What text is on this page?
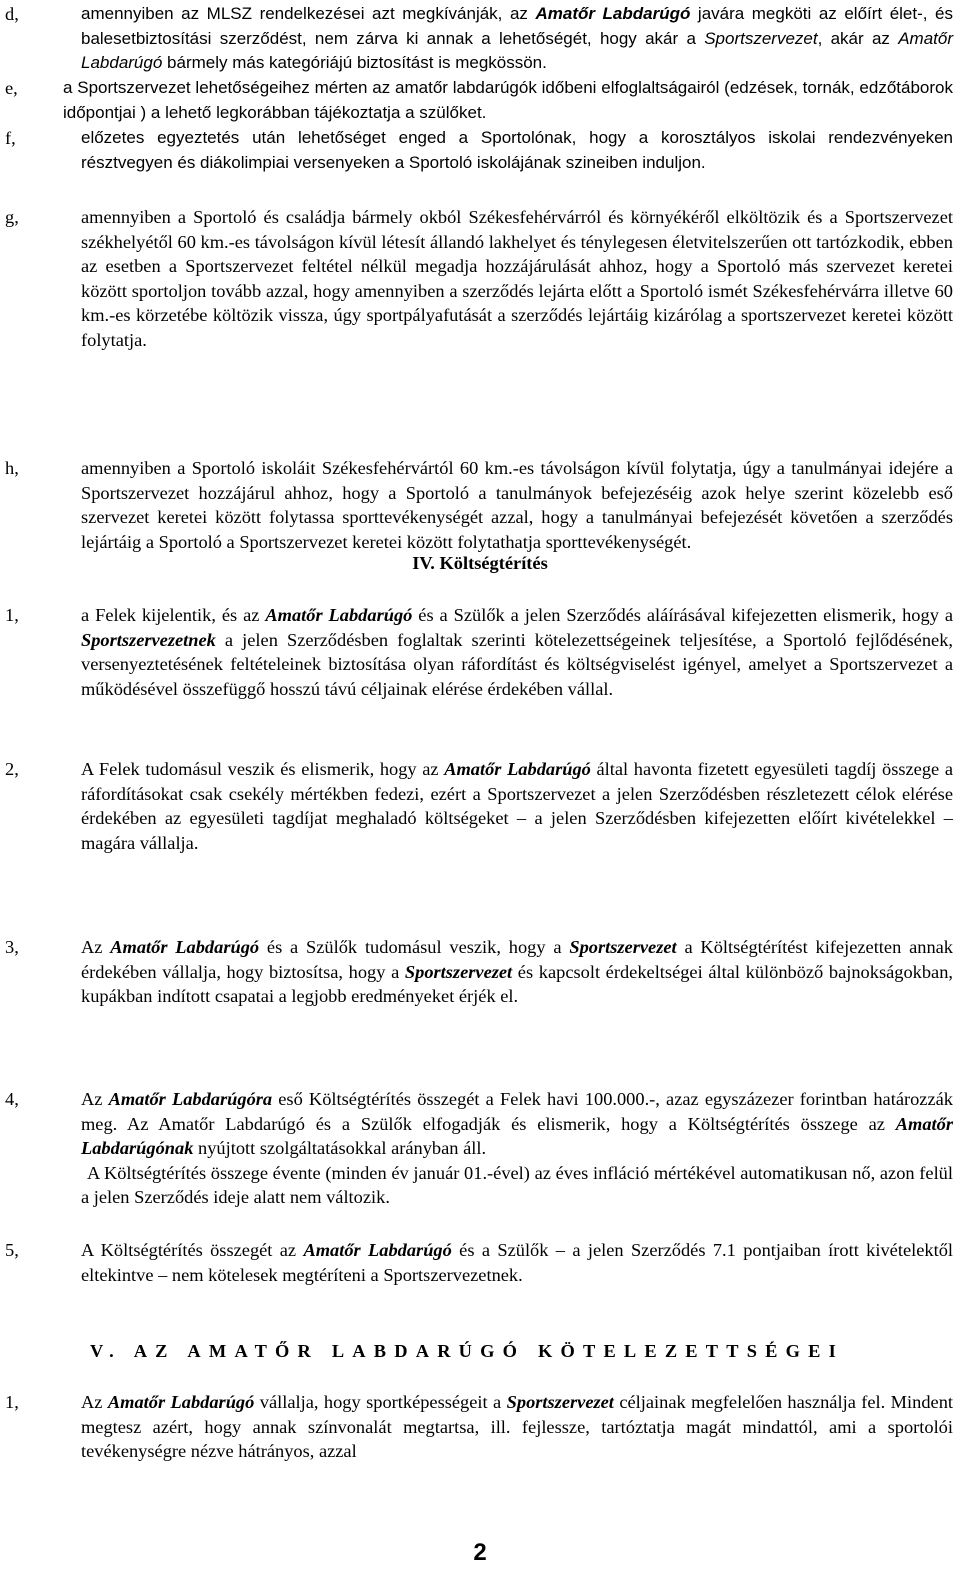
d,	amennyiben az MLSZ rendelkezései azt megkívánják, az Amatőr Labdarúgó javára megköti az előírt élet-, és balesetbiztosítási szerződést, nem zárva ki annak a lehetőségét, hogy akár a Sportszervezet, akár az Amatőr Labdarúgó bármely más kategóriájú biztosítást is megkössön.
e,	a Sportszervezet lehetőségeihez mérten az amatőr labdarúgók időbeni elfoglaltságairól (edzések, tornák, edzőtáborok időpontjai ) a lehető legkorábban tájékoztatja a szülőket.
f,	előzetes egyeztetés után lehetőséget enged a Sportolónak, hogy a korosztályos iskolai rendezvényeken résztvegyen és diákolimpiai versenyeken a Sportoló iskolájának szineiben induljon.
g,	amennyiben a Sportoló és családja bármely okból Székesfehérvárról és környékéről elköltözik és a Sportszervezet székhelyétől 60 km.-es távolságon kívül létesít állandó lakhelyet és ténylegesen életvitelszerűen ott tartózkodik, ebben az esetben a Sportszervezet feltétel nélkül megadja hozzájárulását ahhoz, hogy a Sportoló más szervezet keretei között sportoljon tovább azzal, hogy amennyiben a szerződés lejárta előtt a Sportoló ismét Székesfehérvárra illetve 60 km.-es körzetébe költözik vissza, úgy sportpályafutását a szerződés lejártáig kizárólag a sportszervezet keretei között folytatja.
h,	amennyiben a Sportoló iskoláit Székesfehérvártól 60 km.-es távolságon kívül folytatja, úgy a tanulmányai idejére a Sportszervezet hozzájárul ahhoz, hogy a Sportoló a tanulmányok befejezéséig azok helye szerint közelebb eső szervezet keretei között folytassa sporttevékenységét azzal, hogy a tanulmányai befejezését követően a szerződés lejártáig a Sportoló a Sportszervezet keretei között folytathatja sporttevékenységét.
IV. Költségtérítés
1,	a Felek kijelentik, és az Amatőr Labdarúgó és a Szülők a jelen Szerződés aláírásával kifejezetten elismerik, hogy a Sportszervezetnek a jelen Szerződésben foglaltak szerinti kötelezettségeinek teljesítése, a Sportoló fejlődésének, versenyeztetésének feltételeinek biztosítása olyan ráfordítást és költségviselést igényel, amelyet a Sportszervezet a működésével összefüggő hosszú távú céljainak elérése érdekében vállal.
2,	A Felek tudomásul veszik és elismerik, hogy az Amatőr Labdarúgó által havonta fizetett egyesületi tagdíj összege a ráfordításokat csak csekély mértékben fedezi, ezért a Sportszervezet a jelen Szerződésben részletezett célok elérése érdekében az egyesületi tagdíjat meghaladó költségeket – a jelen Szerződésben kifejezetten előírt kivételekkel – magára vállalja.
3,	Az Amatőr Labdarúgó és a Szülők tudomásul veszik, hogy a Sportszervezet a Költségtérítést kifejezetten annak érdekében vállalja, hogy biztosítsa, hogy a Sportszervezet és kapcsolt érdekeltségei által különböző bajnokságokban, kupákban indított csapatai a legjobb eredményeket érjék el.
4,	Az Amatőr Labdarúgóra eső Költségtérítés összegét a Felek havi 100.000.-, azaz egyszázezer forintban határozzák meg. Az Amatőr Labdarúgó és a Szülők elfogadják és elismerik, hogy a Költségtérítés összege az Amatőr Labdarúgónak nyújtott szolgáltatásokkal arányban áll.
A Költségtérítés összege évente (minden év január 01.-ével) az éves infláció mértékével automatikusan nő, azon felül a jelen Szerződés ideje alatt nem változik.
5,	A Költségtérítés összegét az Amatőr Labdarúgó és a Szülők – a jelen Szerződés 7.1 pontjaiban írott kivételektől eltekintve – nem kötelesek megtéríteni a Sportszervezetnek.
V. AZ AMATŐR LABDARÚGÓ KÖTELEZETTSÉGEI
1,	Az Amatőr Labdarúgó vállalja, hogy sportképességeit a Sportszervezet céljainak megfelelően használja fel. Mindent megtesz azért, hogy annak színvonalát megtartsa, ill. fejlessze, tartóztatja magát mindattól, ami a sportolói tevékenységre nézve hátrányos, azzal
2
